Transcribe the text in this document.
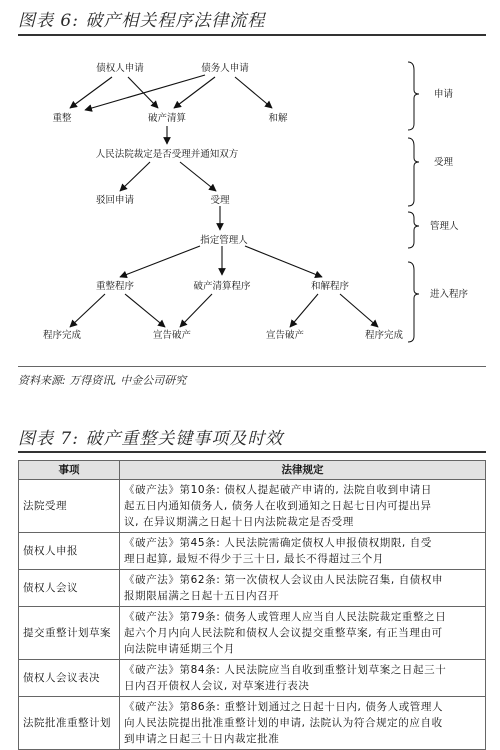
图表 6: 破产相关程序法律流程
债权人申请	债务人申请
重整	破产清算	和解
人民法院裁定是否受理并通知双方
驳回申请	受理
指定管理人
重整程序	破产清算程序	和解程序
程序完成	宣告破产	宣告破产	程序完成
申请
受理
管理人
进入程序
资料来源: 万得资讯, 中金公司研究
图表 7: 破产重整关键事项及时效
事项	法律规定
法院受理	《破产法》第10条: 债权人提起破产申请的, 法院自收到申请日
起五日内通知债务人, 债务人在收到通知之日起七日内可提出异
议, 在异议期满之日起十日内法院裁定是否受理

债权人申报	《破产法》第45条: 人民法院需确定债权人申报债权期限, 自受
理日起算, 最短不得少于三十日, 最长不得超过三个月

债权人会议	《破产法》第62条: 第一次债权人会议由人民法院召集, 自债权申
报期限届满之日起十五日内召开

提交重整计划草案	《破产法》第79条: 债务人或管理人应当自人民法院裁定重整之日
起六个月内向人民法院和债权人会议提交重整草案, 有正当理由可
向法院申请延期三个月

债权人会议表决	《破产法》第84条: 人民法院应当自收到重整计划草案之日起三十
日内召开债权人会议, 对草案进行表决

法院批准重整计划	《破产法》第86条: 重整计划通过之日起十日内, 债务人或管理人
向人民法院提出批准重整计划的申请, 法院认为符合规定的应自收
到申请之日起三十日内裁定批准
